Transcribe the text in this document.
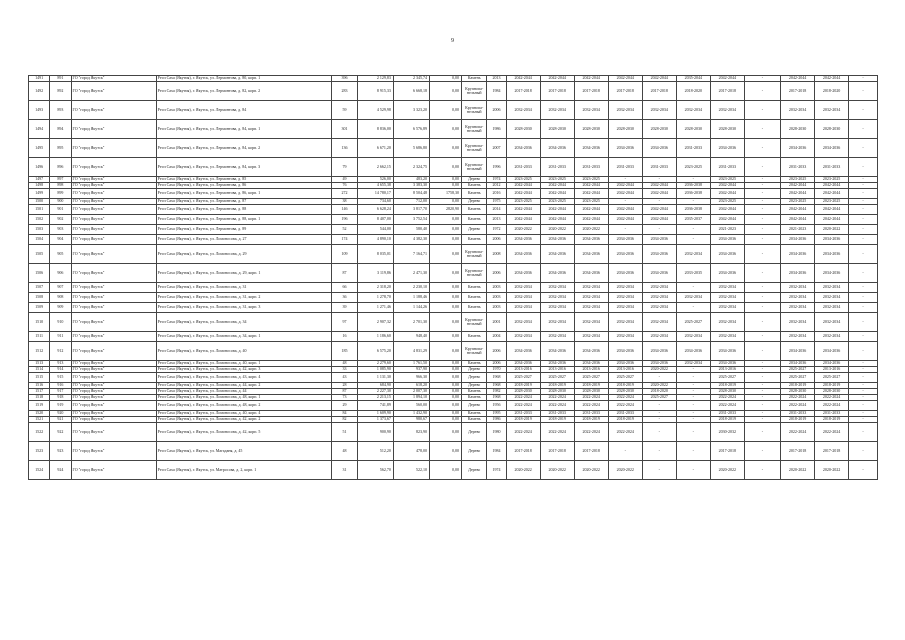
9
1491	891	ГО "город Якутск"	Респ Саха (Якутия), г. Якутск, ул. Лермонтова, д. 80, корп. 1	396	2 129,83	2 345,74	0,00	Камень	2013	2042-2044	2042-2044	2042-2044	2042-2044	2042-2044	2035-2044	2042-2044	-	2042-2044	2042-2044	-
1492	892	ГО "город Якутск"	Респ Саха (Якутия), г. Якутск, ул. Лермонтова, д. 82, корп. 2	283	8 915,33	6 668,18	0,00	Крупнопа-нельный	1984	2017-2018	2017-2018	2017-2018	2017-2018	2017-2018	2018-2020	2017-2018	-	2017-2018	2018-2020	-
1493	893	ГО "город Якутск"	Респ Саха (Якутия), г. Якутск, ул. Лермонтова, д. 84	59	4 529,98	3 323,20	0,00	Крупнопа-нельный	2006	2032-2034	2032-2034	2032-2034	2032-2034	2032-2034	2032-2034	2032-2034	-	2032-2034	2032-2034	-
1494	894	ГО "город Якутск"	Респ Саха (Якутия), г. Якутск, ул. Лермонтова, д. 84, корп. 1	301	8 836,00	6 576,89	0,00	Крупнопа-нельный	1986	2028-2030	2028-2030	2028-2030	2028-2030	2028-2030	2028-2030	2028-2030	-	2028-2030	2028-2030	-
1495	895	ГО "город Якутск"	Респ Саха (Якутия), г. Якутск, ул. Лермонтова, д. 84, корп. 2	136	6 671,20	5 686,80	0,00	Крупнопа-нельный	2007	2034-2036	2034-2036	2034-2036	2034-2036	2034-2036	2031-2033	2034-2036	-	2034-2036	2034-2036	-
1496	896	ГО "город Якутск"	Респ Саха (Якутия), г. Якутск, ул. Лермонтова, д. 84, корп. 3	79	2 662,15	2 324,75	0,00	Крупнопа-нельный	1996	2031-2033	2031-2033	2031-2033	2031-2033	2031-2033	2023-2025	2031-2033	-	2031-2033	2031-2033	-
1497	897	ГО "город Якутск"	Респ Саха (Якутия), г. Якутск, ул. Лермонтова, д. 85	49	526,00	483,20	0,00	Дерево	1974	2023-2025	2023-2025	2023-2025	-	-	-	2023-2025	-	2023-2025	2023-2025	-
1498	898	ГО "город Якутск"	Респ Саха (Якутия), г. Якутск, ул. Лермонтова, д. 86	76	4 655,38	3 383,30	0,00	Камень	2012	2042-2044	2042-2044	2042-2044	2042-2044	2042-2044	2036-2038	2042-2044	-	2042-2044	2042-2044	-
1499	899	ГО "город Якутск"	Респ Саха (Якутия), г. Якутск, ул. Лермонтова, д. 86, корп. 1	272	14 780,17	8 504,48	1758,30	Камень	2016	2042-2044	2042-2044	2042-2044	2042-2044	2042-2044	2036-2038	2042-2044	-	2042-2044	2042-2044	-
1500	900	ГО "город Якутск"	Респ Саха (Якутия), г. Якутск, ул. Лермонтова, д. 87	38	734,60	712,00	0,00	Дерево	1975	2023-2025	2023-2025	2023-2025	-	-	-	2023-2025	-	2023-2025	2023-2025	-
1501	901	ГО "город Якутск"	Респ Саха (Якутия), г. Якутск, ул. Лермонтова, д. 88	146	6 628,24	3 817,70	2820,90	Камень	2014	2042-2044	2042-2044	2042-2044	2042-2044	2042-2044	2036-2038	2042-2044	-	2042-2044	2042-2044	-
1502	902	ГО "город Якутск"	Респ Саха (Якутия), г. Якутск, ул. Лермонтова, д. 88, корп. 1	196	8 407,00	3 752,54	0,00	Камень	2013	2042-2044	2042-2044	2042-2044	2042-2044	2042-2044	2035-2037	2042-2044	-	2042-2044	2042-2044	-
1503	903	ГО "город Якутск"	Респ Саха (Якутия), г. Якутск, ул. Лермонтова, д. 89	52	544,00	580,40	0,00	Дерево	1972	2020-2022	2020-2022	2020-2022	-	-	-	2021-2023	-	2021-2023	2020-2022	-
1504	904	ГО "город Якутск"	Респ Саха (Якутия), г. Якутск, ул. Ломоносова, д. 27	174	4 890,10	4 382,30	0,00	Камень	2006	2034-2036	2034-2036	2034-2036	2034-2036	2034-2036	-	2034-2036	-	2034-2036	2034-2036	-
1505	905	ГО "город Якутск"	Респ Саха (Якутия), г. Якутск, ул. Ломоносова, д. 29	109	8 035,01	7 164,71	0,00	Крупнопа-нельный	2008	2034-2036	2034-2036	2034-2036	2034-2036	2034-2036	2032-2034	2034-2036	-	2034-2036	2034-2036	-
1506	906	ГО "город Якутск"	Респ Саха (Якутия), г. Якутск, ул. Ломоносова, д. 29, корп. 1	87	3 119,86	2 471,30	0,00	Крупнопа-нельный	2006	2034-2036	2034-2036	2034-2036	2034-2036	2034-2036	2033-2035	2034-2036	-	2034-2036	2034-2036	-
1507	907	ГО "город Якутск"	Респ Саха (Якутия), г. Якутск, ул. Ломоносова, д. 31	66	2 318,20	2 230,10	0,00	Камень	2003	2032-2034	2032-2034	2032-2034	2032-2034	2032-2034	-	2032-2034	-	2032-2034	2032-2034	-
1508	908	ГО "город Якутск"	Респ Саха (Якутия), г. Якутск, ул. Ломоносова, д. 31, корп. 2	36	1 278,70	1 188,46	0,00	Камень	2003	2032-2034	2032-2034	2032-2034	2032-2034	2032-2034	2032-2034	2032-2034	-	2032-2034	2032-2034	-
1509	909	ГО "город Якутск"	Респ Саха (Якутия), г. Якутск, ул. Ломоносова, д. 31, корп. 3	39	1 271,46	1 144,26	0,00	Камень	2003	2032-2034	2032-2034	2032-2034	2032-2034	2032-2034	-	2032-2034	-	2032-2034	2032-2034	-
1510	910	ГО "город Якутск"	Респ Саха (Якутия), г. Якутск, ул. Ломоносова, д. 34	97	2 907,32	2 701,30	0,00	Крупнопа-нельный	2001	2032-2034	2032-2034	2032-2034	2032-2034	2032-2034	2025-2027	2032-2034	-	2032-2034	2032-2034	-
1511	911	ГО "город Якутск"	Респ Саха (Якутия), г. Якутск, ул. Ломоносова, д. 34, корп. 1	16	1 186,60	948,40	0,00	Камень	2004	2032-2034	2032-2034	2032-2034	2032-2034	2032-2034	2032-2034	2032-2034	-	2032-2034	2032-2034	-
1512	912	ГО "город Якутск"	Респ Саха (Якутия), г. Якутск, ул. Ломоносова, д. 40	185	6 575,20	4 831,29	0,00	Крупнопа-нельный	2006	2034-2036	2034-2036	2034-2036	2034-2036	2034-2036	2034-2036	2034-2036	-	2034-2036	2034-2036	-
1513	913	ГО "город Якутск"	Респ Саха (Якутия), г. Якутск, ул. Ломоносова, д. 40, корп. 1	48	2 279,60	1 761,50	0,00	Камень	2006	2034-2036	2034-2036	2034-2036	2034-2036	2034-2036	2032-2034	2034-2036	-	2034-2036	2034-2036	-
1514	914	ГО "город Якутск"	Респ Саха (Якутия), г. Якутск, ул. Ломоносова, д. 42, корп. 3	33	1 085,90	937,90	0,00	Дерево	1970	2013-2016	2013-2016	2013-2016	2013-2016	2020-2022	-	2013-2016	-	2025-2027	2013-2016	-
1515	915	ГО "город Якутск"	Респ Саха (Якутия), г. Якутск, ул. Ломоносова, д. 43, корп. 4	43	1 131,30	966,30	0,00	Дерево	1968	2025-2027	2025-2027	2025-2027	2025-2027	-	-	2025-2027	-	2025-2027	2025-2027	-
1516	916	ГО "город Якутск"	Респ Саха (Якутия), г. Якутск, ул. Ломоносова, д. 44, корп. 2	28	684,90	618,20	0,00	Дерево	1968	2018-2019	2018-2019	2018-2019	2018-2019	2020-2022	-	2018-2019	-	2018-2019	2018-2019	-
1517	917	ГО "город Якутск"	Респ Саха (Якутия), г. Якутск, ул. Ломоносова, д. 44	87	2 227,30	2 007,30	0,00	Камень	1982	2028-2030	2028-2030	2028-2030	2028-2030	2018-2020	-	2028-2030	-	2028-2030	2028-2030	-
1518	918	ГО "город Якутск"	Респ Саха (Якутия), г. Якутск, ул. Ломоносова, д. 48, корп. 1	73	2 213,15	1 894,10	0,00	Камень	1968	2022-2024	2022-2024	2022-2024	2022-2024	2025-2027	-	2022-2024	-	2022-2024	2022-2024	-
1519	919	ГО "город Якутск"	Респ Саха (Якутия), г. Якутск, ул. Ломоносова, д. 48, корп. 2	29	741,89	560,00	0,00	Дерево	1956	2022-2024	2022-2024	2022-2024	2022-2024	-	-	2022-2024	-	2022-2024	2022-2024	-
1520	920	ГО "город Якутск"	Респ Саха (Якутия), г. Якутск, ул. Ломоносова, д. 40, корп. 4	84	1 609,90	1 432,90	0,00	Камень	1995	2031-2033	2031-2033	2031-2033	2031-2033	-	-	2031-2033	-	2031-2033	2031-2033	-
1521	921	ГО "город Якутск"	Респ Саха (Якутия), г. Якутск, ул. Ломоносова, д. 42, корп. 2	82	1 373,67	980,67	0,00	Камень	1986	2018-2019	2018-2019	2018-2019	2018-2019	-	-	2018-2019	-	2018-2019	2018-2019	-
1522	922	ГО "город Якутск"	Респ Саха (Якутия), г. Якутск, ул. Ломоносова, д. 42, корп. 5	51	900,90	823,90	0,00	Дерево	1980	2022-2024	2022-2024	2022-2024	2022-2024	-	-	2030-2032	-	2022-2024	2022-2024	-
1523	923	ГО "город Якутск"	Респ Саха (Якутия), г. Якутск, ул. Магаданя, д. 45	48	512,20	478,00	0,00	Дерево	1984	2017-2018	2017-2018	2017-2018	-	-	-	2017-2018	-	2017-2018	2017-2018	-
1524	924	ГО "город Якутск"	Респ Саха (Якутия), г. Якутск, ул. Матросова, д. 2, корп. 1	31	562,70	522,10	0,00	Дерево	1974	2020-2022	2020-2022	2020-2022	2020-2022	-	-	2020-2022	-	2020-2022	2020-2022	-
